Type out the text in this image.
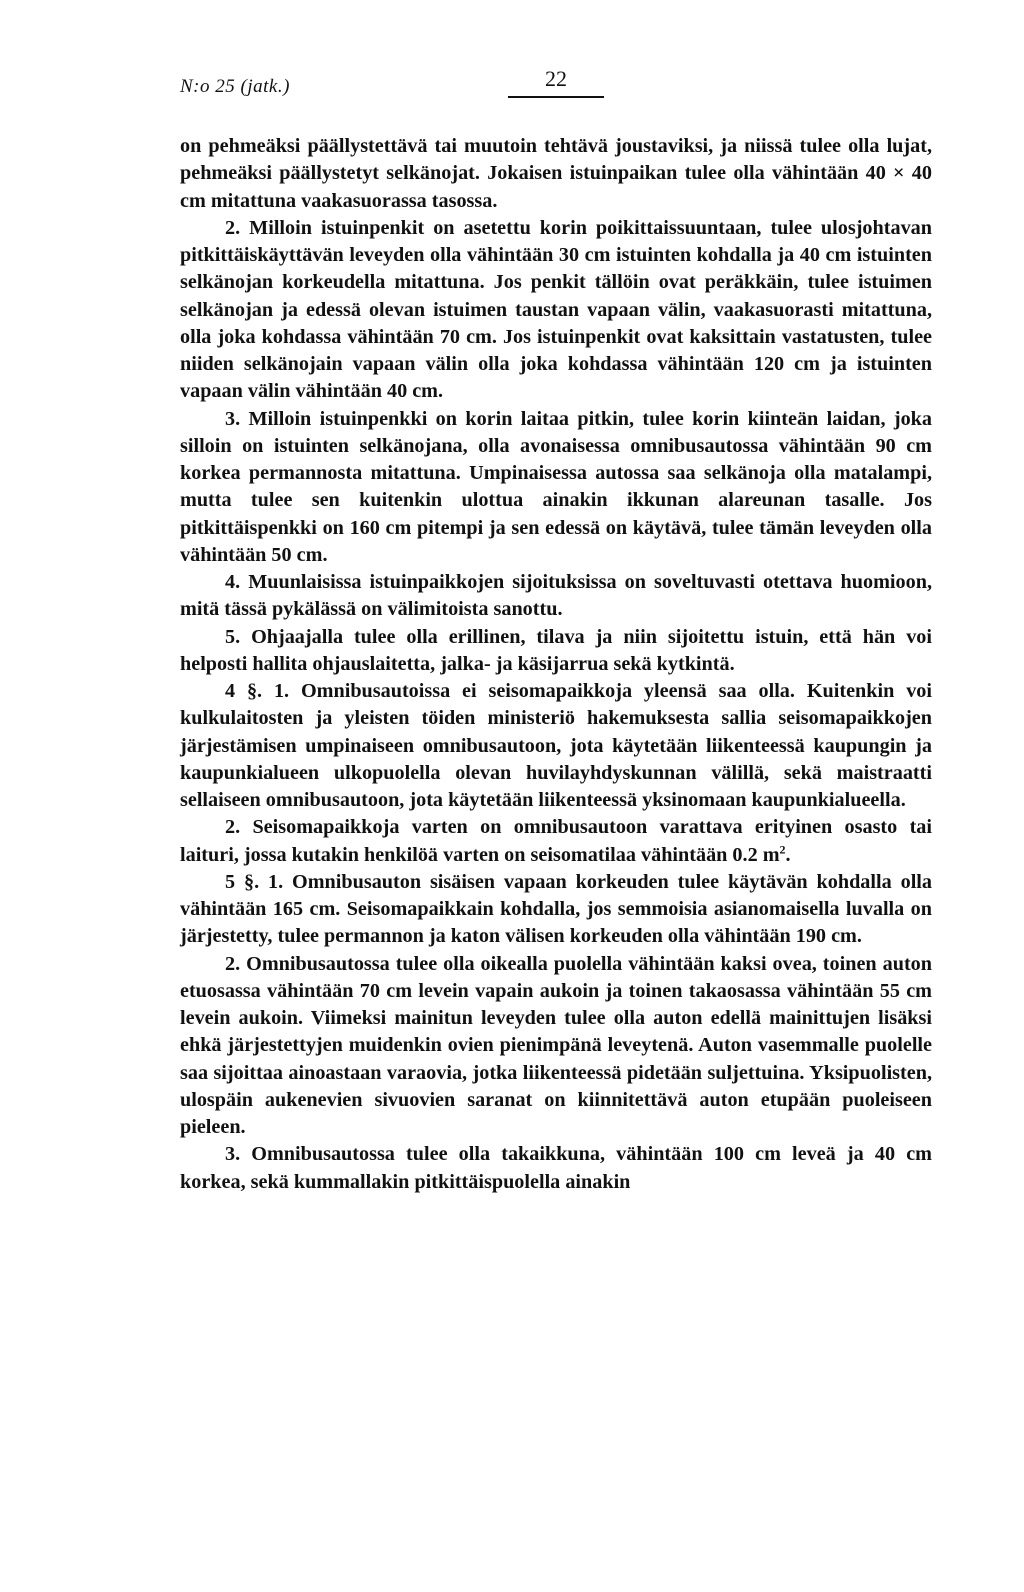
N:o 25 (jatk.)	22

on pehmeäksi päällystettävä tai muutoin tehtävä joustaviksi, ja niissä tulee olla lujat, pehmeäksi päällystetyt selkänojat. Jokaisen istuinpaikan tulee olla vähintään 40 × 40 cm mitattuna vaakasuorassa tasossa.

2. Milloin istuinpenkit on asetettu korin poikittaissuuntaan, tulee ulosjohtavan pitkittäiskäyttävän leveyden olla vähintään 30 cm istuinten kohdalla ja 40 cm istuinten selkänojan korkeudella mitattuna. Jos penkit tällöin ovat peräkkäin, tulee istuimen selkänojan ja edessä olevan istuimen taustan vapaan välin, vaakasuorasti mitattuna, olla joka kohdassa vähintään 70 cm. Jos istuinpenkit ovat kaksittain vastatusten, tulee niiden selkänojain vapaan välin olla joka kohdassa vähintään 120 cm ja istuinten vapaan välin vähintään 40 cm.

3. Milloin istuinpenkki on korin laitaa pitkin, tulee korin kiinteän laidan, joka silloin on istuinten selkänojana, olla avonaisessa omnibusautossa vähintään 90 cm korkea permannosta mitattuna. Umpinaisessa autossa saa selkänoja olla matalampi, mutta tulee sen kuitenkin ulottua ainakin ikkunan alareunan tasalle. Jos pitkittäispenkki on 160 cm pitempi ja sen edessä on käytävä, tulee tämän leveyden olla vähintään 50 cm.

4. Muunlaisissa istuinpaikkojen sijoituksissa on soveltuvasti otettava huomioon, mitä tässä pykälässä on välimitoista sanottu.

5. Ohjaajalla tulee olla erillinen, tilava ja niin sijoitettu istuin, että hän voi helposti hallita ohjauslaitetta, jalka- ja käsijarrua sekä kytkintä.

4 §. 1. Omnibusautoissa ei seisomapaikkoja yleensä saa olla. Kuitenkin voi kulkulaitosten ja yleisten töiden ministeriö hakemuksesta sallia seisomapaikkojen järjestämisen umpinaiseen omnibusautoon, jota käytetään liikenteessä kaupungin ja kaupunkialueen ulkopuolella olevan huvilayhdyskunnan välillä, sekä maistraatti sellaiseen omnibusautoon, jota käytetään liikenteessä yksinomaan kaupunkialueella.

2. Seisomapaikkoja varten on omnibusautoon varattava erityinen osasto tai laituri, jossa kutakin henkilöä varten on seisomatilaa vähintään 0.2 $m^2$.

5 §. 1. Omnibusauton sisäisen vapaan korkeuden tulee käytävän kohdalla olla vähintään 165 cm. Seisomapaikkain kohdalla, jos semmoisia asianomaisella luvalla on järjestetty, tulee permannon ja katon välisen korkeuden olla vähintään 190 cm.

2. Omnibusautossa tulee olla oikealla puolella vähintään kaksi ovea, toinen auton etuosassa vähintään 70 cm levein vapain aukoin ja toinen takaosassa vähintään 55 cm levein aukoin. Viimeksi mainitun leveyden tulee olla auton edellä mainittujen lisäksi ehkä järjestettyjen muidenkin ovien pienimpänä leveytenä. Auton vasemmalle puolelle saa sijoittaa ainoastaan varaovia, jotka liikenteessä pidetään suljettuina. Yksipuolisten, ulospäin aukenevien sivuovien saranat on kiinnitettävä auton etupään puoleiseen pieleen.

3. Omnibusautossa tulee olla takaikkuna, vähintään 100 cm leveä ja 40 cm korkea, sekä kummallakin pitkittäispuolella ainakin
